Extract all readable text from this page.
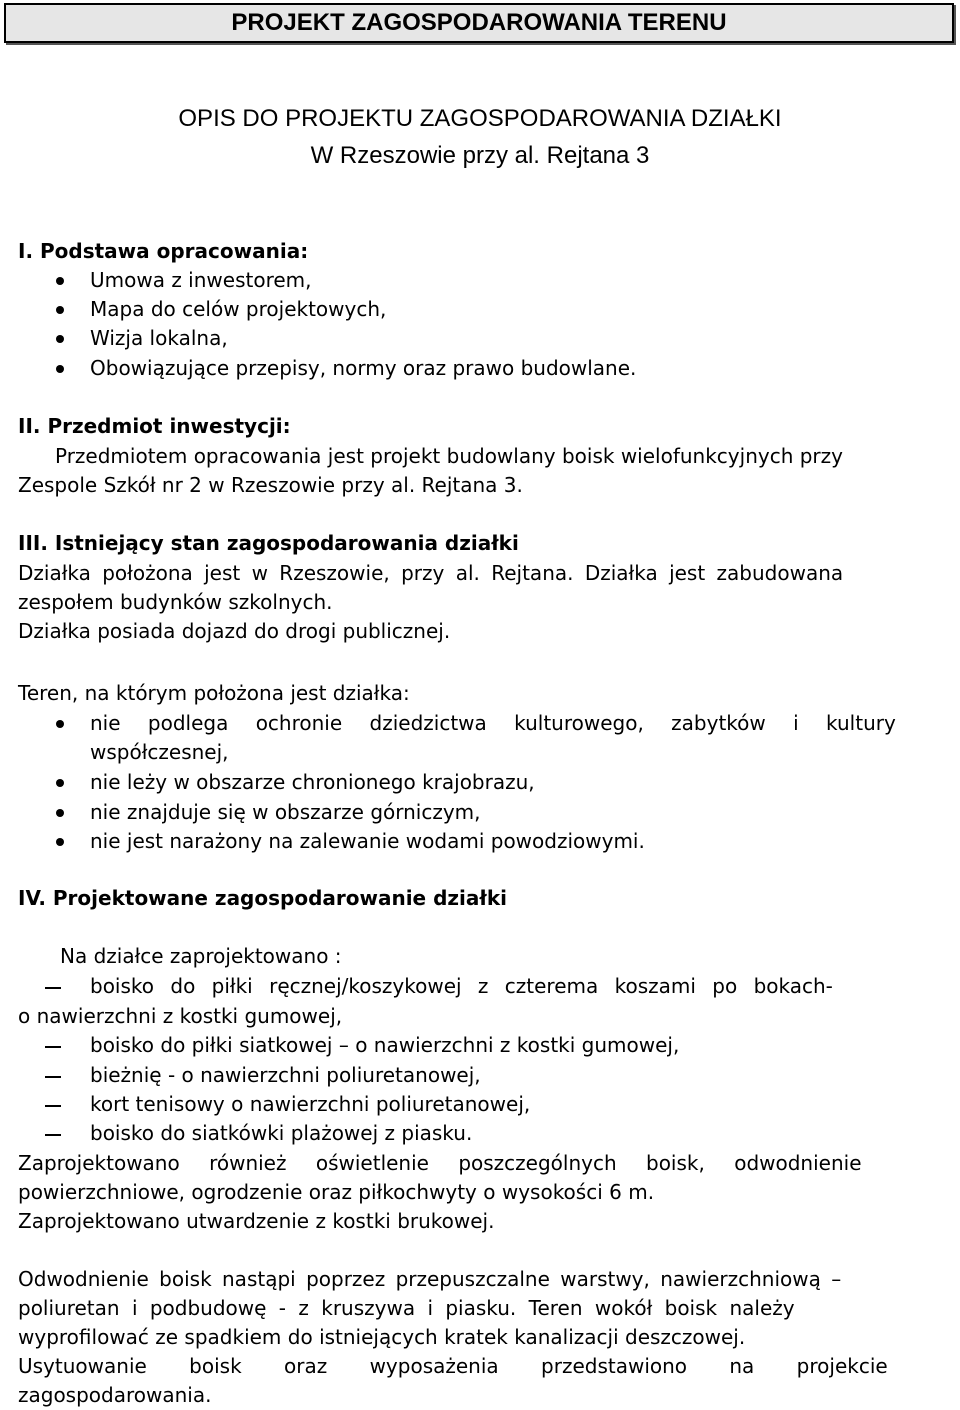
PROJEKT ZAGOSPODAROWANIA TERENU
OPIS DO PROJEKTU ZAGOSPODAROWANIA DZIAŁKI
W Rzeszowie przy al. Rejtana 3
I. Podstawa opracowania:
Umowa z inwestorem,
Mapa do celów projektowych,
Wizja lokalna,
Obowiązujące przepisy, normy oraz prawo budowlane.
II. Przedmiot inwestycji:
Przedmiotem opracowania jest projekt budowlany boisk wielofunkcyjnych przy
Zespole Szkół nr 2 w Rzeszowie przy al. Rejtana 3.
III. Istniejący stan zagospodarowania działki
Działka położona jest w Rzeszowie, przy al. Rejtana. Działka jest zabudowana
zespołem budynków szkolnych.
Działka posiada dojazd do drogi publicznej.
Teren, na którym położona jest działka:
nie podlega ochronie dziedzictwa kulturowego, zabytków i kultury
współczesnej,
nie leży w obszarze chronionego krajobrazu,
nie znajduje się w obszarze górniczym,
nie jest narażony na zalewanie wodami powodziowymi.
IV. Projektowane zagospodarowanie działki
Na działce zaprojektowano :
boisko do piłki ręcznej/koszykowej z czterema koszami po bokach-
o nawierzchni z kostki gumowej,
boisko do piłki siatkowej – o nawierzchni z kostki gumowej,
bieżnię - o nawierzchni poliuretanowej,
kort tenisowy o nawierzchni poliuretanowej,
boisko do siatkówki plażowej z piasku.
Zaprojektowano również oświetlenie poszczególnych boisk, odwodnienie
powierzchniowe, ogrodzenie oraz piłkochwyty o wysokości 6 m.
Zaprojektowano utwardzenie z kostki brukowej.
Odwodnienie boisk nastąpi poprzez przepuszczalne warstwy, nawierzchniową –
poliuretan i podbudowę - z kruszywa i piasku. Teren wokół boisk należy
wyprofilować ze spadkiem do istniejących kratek kanalizacji deszczowej.
Usytuowanie boisk oraz wyposażenia przedstawiono na projekcie
zagospodarowania.
